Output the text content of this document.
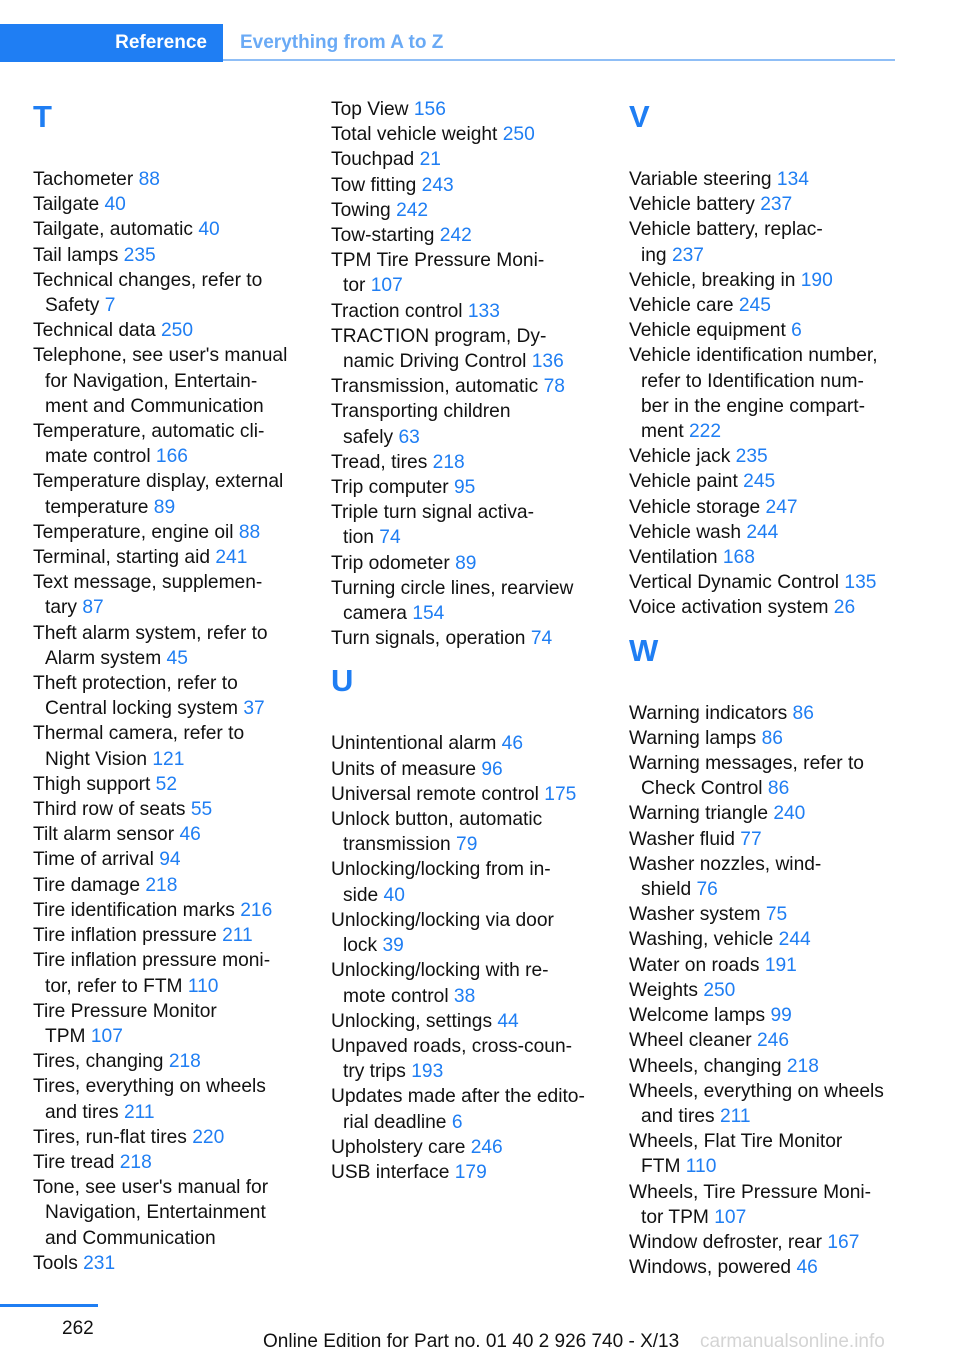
Reference	Everything from A to Z
T
Tachometer 88
Tailgate 40
Tailgate, automatic 40
Tail lamps 235
Technical changes, refer to
Safety 7
Technical data 250
Telephone, see user's manual
for Navigation, Entertain-
ment and Communication
Temperature, automatic cli-
mate control 166
Temperature display, external
temperature 89
Temperature, engine oil 88
Terminal, starting aid 241
Text message, supplemen-
tary 87
Theft alarm system, refer to
Alarm system 45
Theft protection, refer to
Central locking system 37
Thermal camera, refer to
Night Vision 121
Thigh support 52
Third row of seats 55
Tilt alarm sensor 46
Time of arrival 94
Tire damage 218
Tire identification marks 216
Tire inflation pressure 211
Tire inflation pressure moni-
tor, refer to FTM 110
Tire Pressure Monitor
TPM 107
Tires, changing 218
Tires, everything on wheels
and tires 211
Tires, run-flat tires 220
Tire tread 218
Tone, see user's manual for
Navigation, Entertainment
and Communication
Tools 231
Top View 156
Total vehicle weight 250
Touchpad 21
Tow fitting 243
Towing 242
Tow-starting 242
TPM Tire Pressure Moni-
tor 107
Traction control 133
TRACTION program, Dy-
namic Driving Control 136
Transmission, automatic 78
Transporting children
safely 63
Tread, tires 218
Trip computer 95
Triple turn signal activa-
tion 74
Trip odometer 89
Turning circle lines, rearview
camera 154
Turn signals, operation 74
U
Unintentional alarm 46
Units of measure 96
Universal remote control 175
Unlock button, automatic
transmission 79
Unlocking/locking from in-
side 40
Unlocking/locking via door
lock 39
Unlocking/locking with re-
mote control 38
Unlocking, settings 44
Unpaved roads, cross-coun-
try trips 193
Updates made after the edito-
rial deadline 6
Upholstery care 246
USB interface 179
V
Variable steering 134
Vehicle battery 237
Vehicle battery, replac-
ing 237
Vehicle, breaking in 190
Vehicle care 245
Vehicle equipment 6
Vehicle identification number,
refer to Identification num-
ber in the engine compart-
ment 222
Vehicle jack 235
Vehicle paint 245
Vehicle storage 247
Vehicle wash 244
Ventilation 168
Vertical Dynamic Control 135
Voice activation system 26
W
Warning indicators 86
Warning lamps 86
Warning messages, refer to
Check Control 86
Warning triangle 240
Washer fluid 77
Washer nozzles, wind-
shield 76
Washer system 75
Washing, vehicle 244
Water on roads 191
Weights 250
Welcome lamps 99
Wheel cleaner 246
Wheels, changing 218
Wheels, everything on wheels
and tires 211
Wheels, Flat Tire Monitor
FTM 110
Wheels, Tire Pressure Moni-
tor TPM 107
Window defroster, rear 167
Windows, powered 46
262
Online Edition for Part no. 01 40 2 926 740 - X/13 carmanualsonline.info
